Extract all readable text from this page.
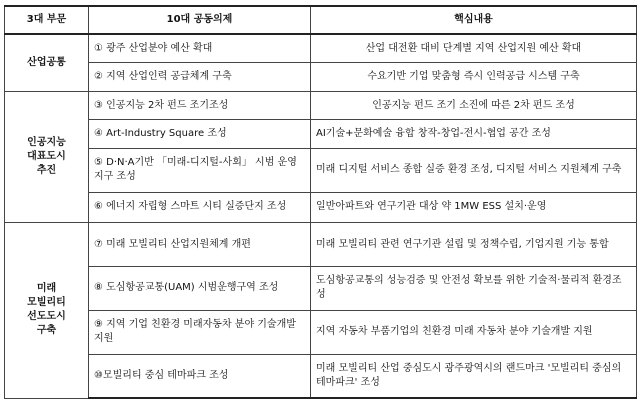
3대 부문	10대 공동의제	핵심내용

산업공통	① 광주 산업분야 예산 확대	산업 대전환 대비 단계별 지역 산업지원 예산 확대
	② 지역 산업인력 공급체계 구축	수요기반 기업 맞춤형 즉시 인력공급 시스템 구축

인공지능
대표도시
추진	③ 인공지능 2차 펀드 조기조성	인공지능 펀드 조기 소진에 따른 2차 펀드 조성
	④ Art-Industry Square 조성	AI기술+문화예술 융합 창작-창업-전시-협업 공간 조성
	⑤ D·N·A기반 「미래-디지털-사회」 시범 운영지구 조성	미래 디지털 서비스 종합 실증 환경 조성, 디지털 서비스 지원체계 구축
	⑥ 에너지 자립형 스마트 시티 실증단지 조성	일반아파트와 연구기관 대상 약 1MW ESS 설치·운영

미래
모빌리티
선도도시
구축	⑦ 미래 모빌리티 산업지원체계 개편	미래 모빌리티 관련 연구기관 설립 및 정책수립, 기업지원 기능 통합
	⑧ 도심항공교통(UAM) 시범운행구역 조성	도심항공교통의 성능검증 및 안전성 확보를 위한 기술적·물리적 환경조성
	⑨ 지역 기업 친환경 미래자동차 분야 기술개발 지원	지역 자동차 부품기업의 친환경 미래 자동차 분야 기술개발 지원
	⑩모빌리티 중심 테마파크 조성	미래 모빌리티 산업 중심도시 광주광역시의 랜드마크 '모빌리티 중심의 테마파크' 조성
